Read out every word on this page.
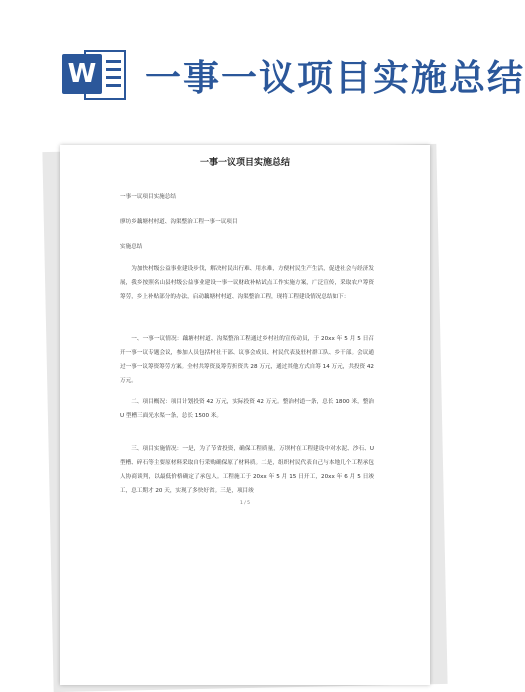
W 一事一议项目实施总结
一事一议项目实施总结
一事一议项目实施总结
廖坊乡藕塘村村道、沟渠整治工程一事一议项目
实施总结
为加快村级公益事业建设步伐，解决村民出行难、用水难，方便村民生产生活，促进社会与经济发展，我乡按照名山县村级公益事业建设一事一议财政补帖试点工作实施方案，广泛宣传，采取农户筹资筹劳，乡上补贴部分的办法，启动藕塘村村道、沟渠整治工程，现将工程建设情况总结如下：
一、一事一议情况：藕塘村村道、沟渠整治工程通过乡村社的宣传动员，于 20xx 年 5 月 5 日召开一事一议专题会议，参加人员包括村社干部、议事会成员、村民代表及驻村群工队、乡干部。会议通过一事一议筹资筹劳方案。全村共筹资及筹劳折资共 28 万元，通过其他方式自筹 14 万元，共投资 42 万元。
二、项目概况：项目计划投资 42 万元，实际投资 42 万元。整治村道一条，总长 1800 米，整治 U 型槽三面光水渠一条，总长 1500 米。
三、项目实施情况：一是，为了节省投资，确保工程质量，万坝村在工程建设中对水泥、沙石、U 型槽、碎石等主要原材料采取自行采购确保原了材料质。二是，组织村民代表自己与本地几个工程承包人协商谈判，以最低价格确定了承包人。工程施工于 20xx 年 5 月 15 日开工，20xx 年 6 月 5 日竣工，总工期才 20 天，实现了多快好省。三是，项目竣
1 / 5
